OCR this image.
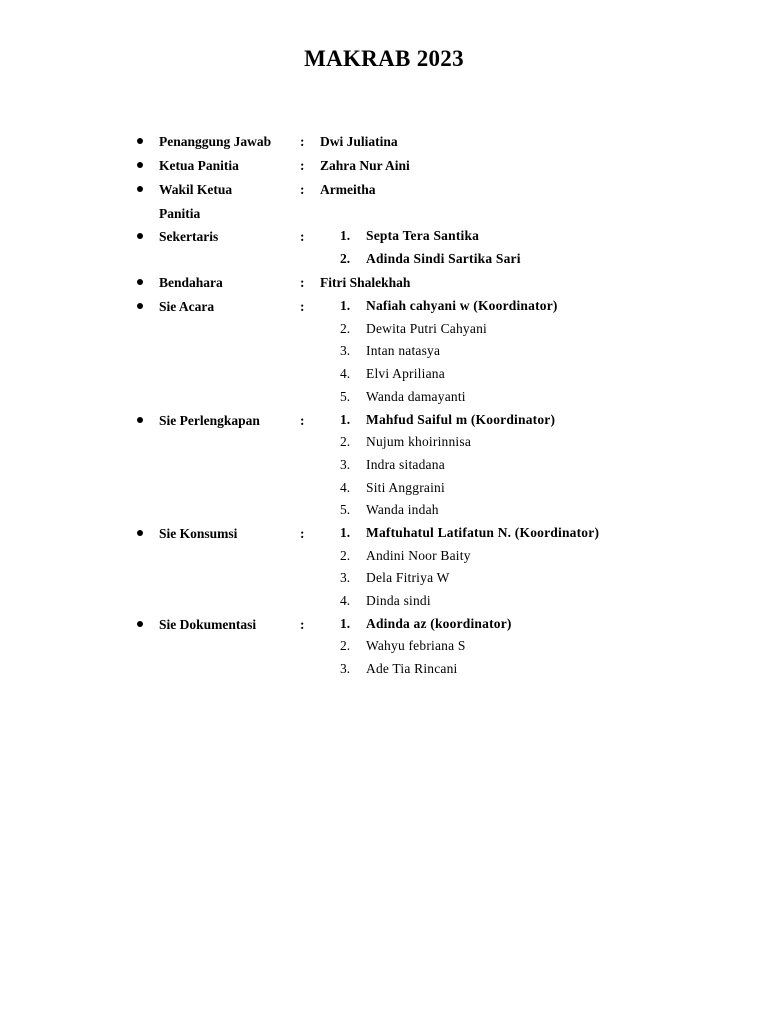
MAKRAB 2023
Penanggung Jawab	: Dwi Juliatina
Ketua Panitia	: Zahra Nur Aini
Wakil Ketua
Panitia
: Armeitha
Sekertaris	:	1.	Septa Tera Santika
2.	Adinda Sindi Sartika Sari
Bendahara	: Fitri Shalekhah
Sie Acara	:	1.	Nafiah cahyani w (Koordinator)
2.	Dewita Putri Cahyani
3.	Intan natasya
4.	Elvi Apriliana
5.	Wanda damayanti
Sie Perlengkapan	:	1.	Mahfud Saiful m (Koordinator)
2.	Nujum khoirinnisa
3.	Indra sitadana
4.	Siti Anggraini
5.	Wanda indah
Sie Konsumsi	:	1.	Maftuhatul Latifatun N. (Koordinator)
2.	Andini Noor Baity
3.	Dela Fitriya W
4.	Dinda sindi
Sie Dokumentasi	:	1.	Adinda az (koordinator)
2.	Wahyu febriana S
3.	Ade Tia Rincani
